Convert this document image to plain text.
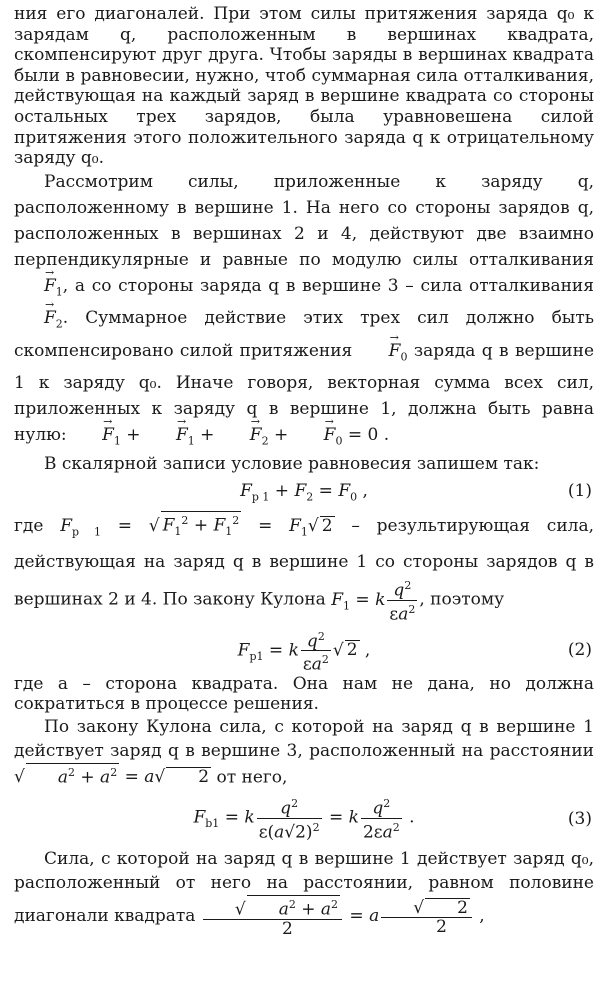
ния его диагоналей. При этом силы притяжения заряда q₀ к зарядам q, расположенным в вершинах квадрата, скомпенсируют друг друга. Чтобы заряды в вершинах квадрата были в равновесии, нужно, чтоб суммарная сила отталкивания, действующая на каждый заряд в вершине квадрата со стороны остальных трех зарядов, была уравновешена силой притяжения этого положительного заряда q к отрицательному заряду q₀.

Рассмотрим силы, приложенные к заряду q, расположенному в вершине 1. На него со стороны зарядов q, расположенных в вершинах 2 и 4, действуют две взаимно перпендикулярные и равные по модулю силы отталкивания → $F_1$, а со стороны заряда q в вершине 3 – сила отталкивания → $F_2$. Суммарное действие этих трех сил должно быть скомпенсировано силой притяжения → $F_0$ заряда q в вершине 1 к заряду q₀. Иначе говоря, векторная сумма всех сил, приложенных к заряду q в вершине 1, должна быть равна нулю: → $F_1$ + → $F_1$ + → $F_2$ + → $F_0 = 0$ .

В скалярной записи условие равновесия запишем так:

$F_{p 1} + F_2 = F_0$ ,	(1)

где $F_{p 1}$ = √ $F_1^2 + F_1^2 = F_1√$ 2 – результирующая сила, действующая на заряд q в вершине 1 со стороны зарядов q в вершинах 2 и 4. По закону Кулона $F_1 = k \frac{q^2}{\varepsilon a^2}$ , поэтому

$F_{p1} = k \frac{q^2}{\varepsilon a^2}$ √ 2 ,	(2)

где a – сторона квадрата. Она нам не дана, но должна сократиться в процессе решения.

По закону Кулона сила, с которой на заряд q в вершине 1 действует заряд q в вершине 3, расположенный на расстоянии √ $a^2 + a^2 = a√$ 2 от него,

$F_{b1} = k \frac{q^2}{\varepsilon(a√2)^2} = k \frac{q^2}{2\varepsilon a^2}$ .	(3)

Сила, с которой на заряд q в вершине 1 действует заряд q₀, расположенный от него на расстоянии, равном половине диагонали квадрата $\frac{√ a^2 + a^2}{2} = a \frac{√ 2}{2}$ ,
